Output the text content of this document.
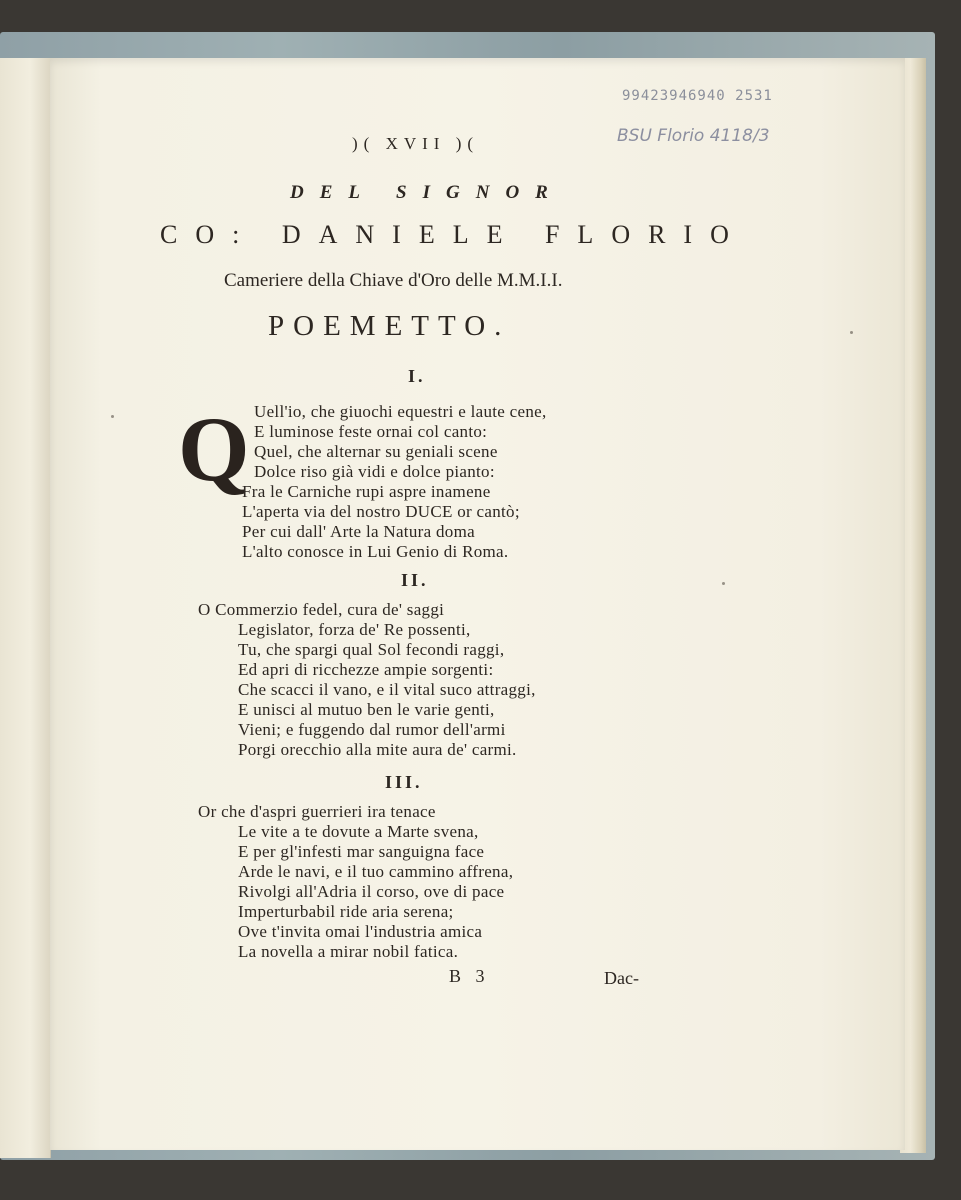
99423946940 2531
BSU Florio 4118/3
)( XVII )(
DEL SIGNOR
CO: DANIELE FLORIO
Cameriere della Chiave d'Oro delle M.M.I.I.
POEMETTO.
I.
Q Uell'io, che giuochi equestri e laute cene,
E luminose feste ornai col canto:
Quel, che alternar su geniali scene
Dolce riso già vidi e dolce pianto:
Fra le Carniche rupi aspre inamene
L'aperta via del nostro DUCE or cantò;
Per cui dall' Arte la Natura doma
L'alto conosce in Lui Genio di Roma.
II.
O Commerzio fedel, cura de' saggi
Legislator, forza de' Re possenti,
Tu, che spargi qual Sol fecondi raggi,
Ed apri di ricchezze ampie sorgenti:
Che scacci il vano, e il vital suco attraggi,
E unisci al mutuo ben le varie genti,
Vieni; e fuggendo dal rumor dell'armi
Porgi orecchio alla mite aura de' carmi.
III.
Or che d'aspri guerrieri ira tenace
Le vite a te dovute a Marte svena,
E per gl'infesti mar sanguigna face
Arde le navi, e il tuo cammino affrena,
Rivolgi all'Adria il corso, ove di pace
Imperturbabil ride aria serena;
Ove t'invita omai l'industria amica
La novella a mirar nobil fatica.
B 3	Dac-
